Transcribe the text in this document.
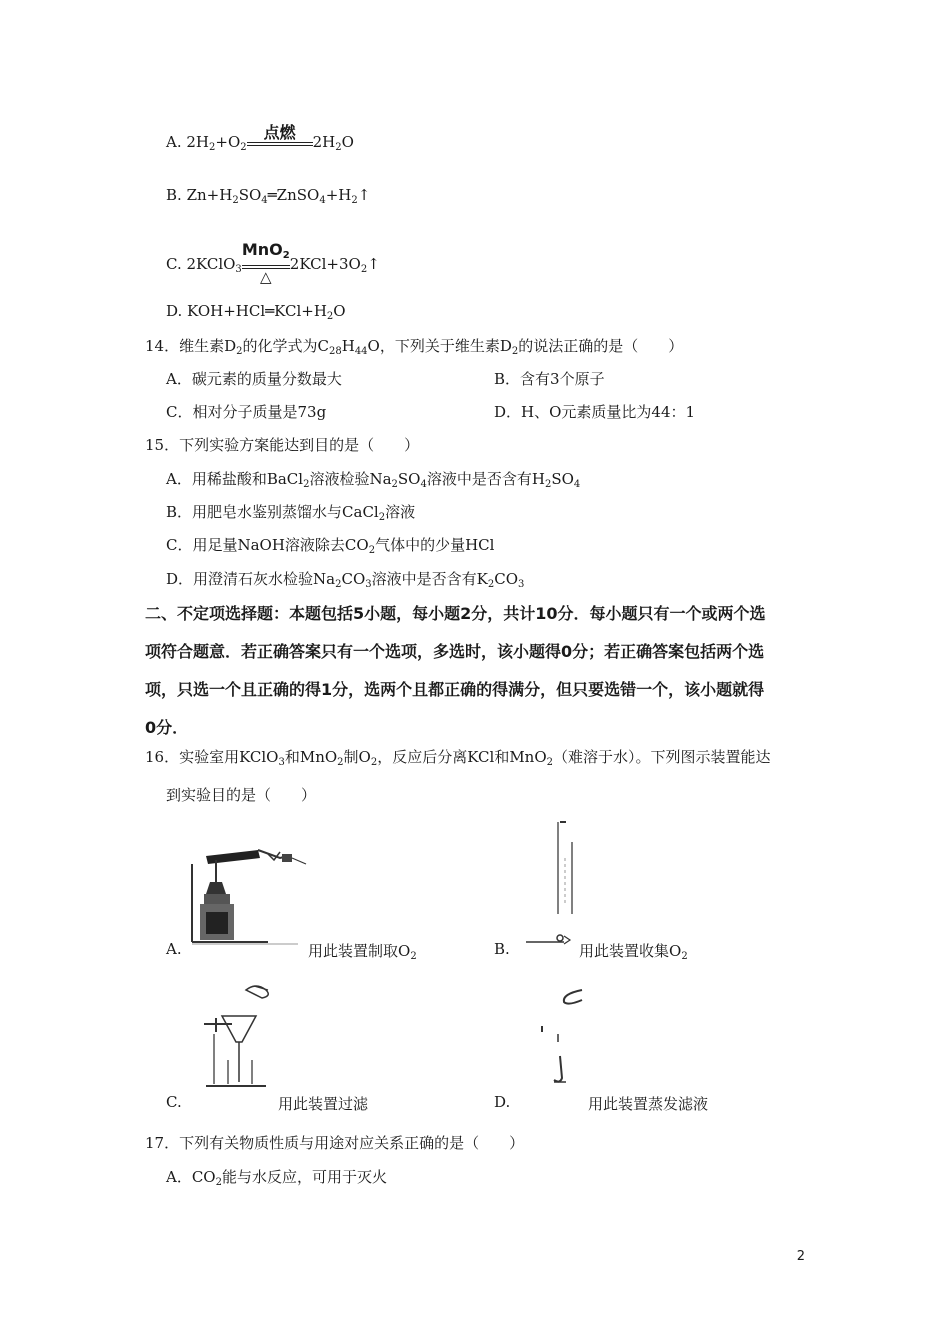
A. $2H_2+O_2$
点燃	$2H_2O$
B. $Zn+H_2SO_4═ZnSO_4+H_2↑$
C. 2KClO$_3$
MnO$_2$
△
$2KCl+3O_2↑$
D. $KOH+HCl═KCl+H_2O$
14．维生素$D_2$的化学式为$C_{28}H_{44}O$，下列关于维生素$D_2$的说法正确的是（　　）
A．碳元素的质量分数最大	B．含有3个原子
C．相对分子质量是73g	D．H、O元素质量比为44：1
15．下列实验方案能达到目的是（　　）
A．用稀盐酸和BaCl$_2$溶液检验$Na_2SO_4$溶液中是否含有$H_2SO_4$
B．用肥皂水鉴别蒸馏水与CaCl$_2$溶液
C．用足量NaOH溶液除去$CO_2$气体中的少量HCl
D．用澄清石灰水检验$Na_2CO_3$溶液中是否含有$K_2CO_3$
二、不定项选择题：本题包括5小题，每小题2分，共计10分．每小题只有一个或两个选
项符合题意．若正确答案只有一个选项，多选时，该小题得0分；若正确答案包括两个选
项，只选一个且正确的得1分，选两个且都正确的得满分，但只要选错一个，该小题就得
0分．
16．实验室用KClO$_3$和MnO$_2$制$O_2$，反应后分离KCl和MnO$_2$（难溶于水）。下列图示装置能达
到实验目的是（　　）
A.	用此装置制取$O_2$	B.	用此装置收集$O_2$
C.	用此装置过滤	D.	用此装置蒸发滤液
17．下列有关物质性质与用途对应关系正确的是（　　）
A．$CO_2$能与水反应，可用于灭火
2
